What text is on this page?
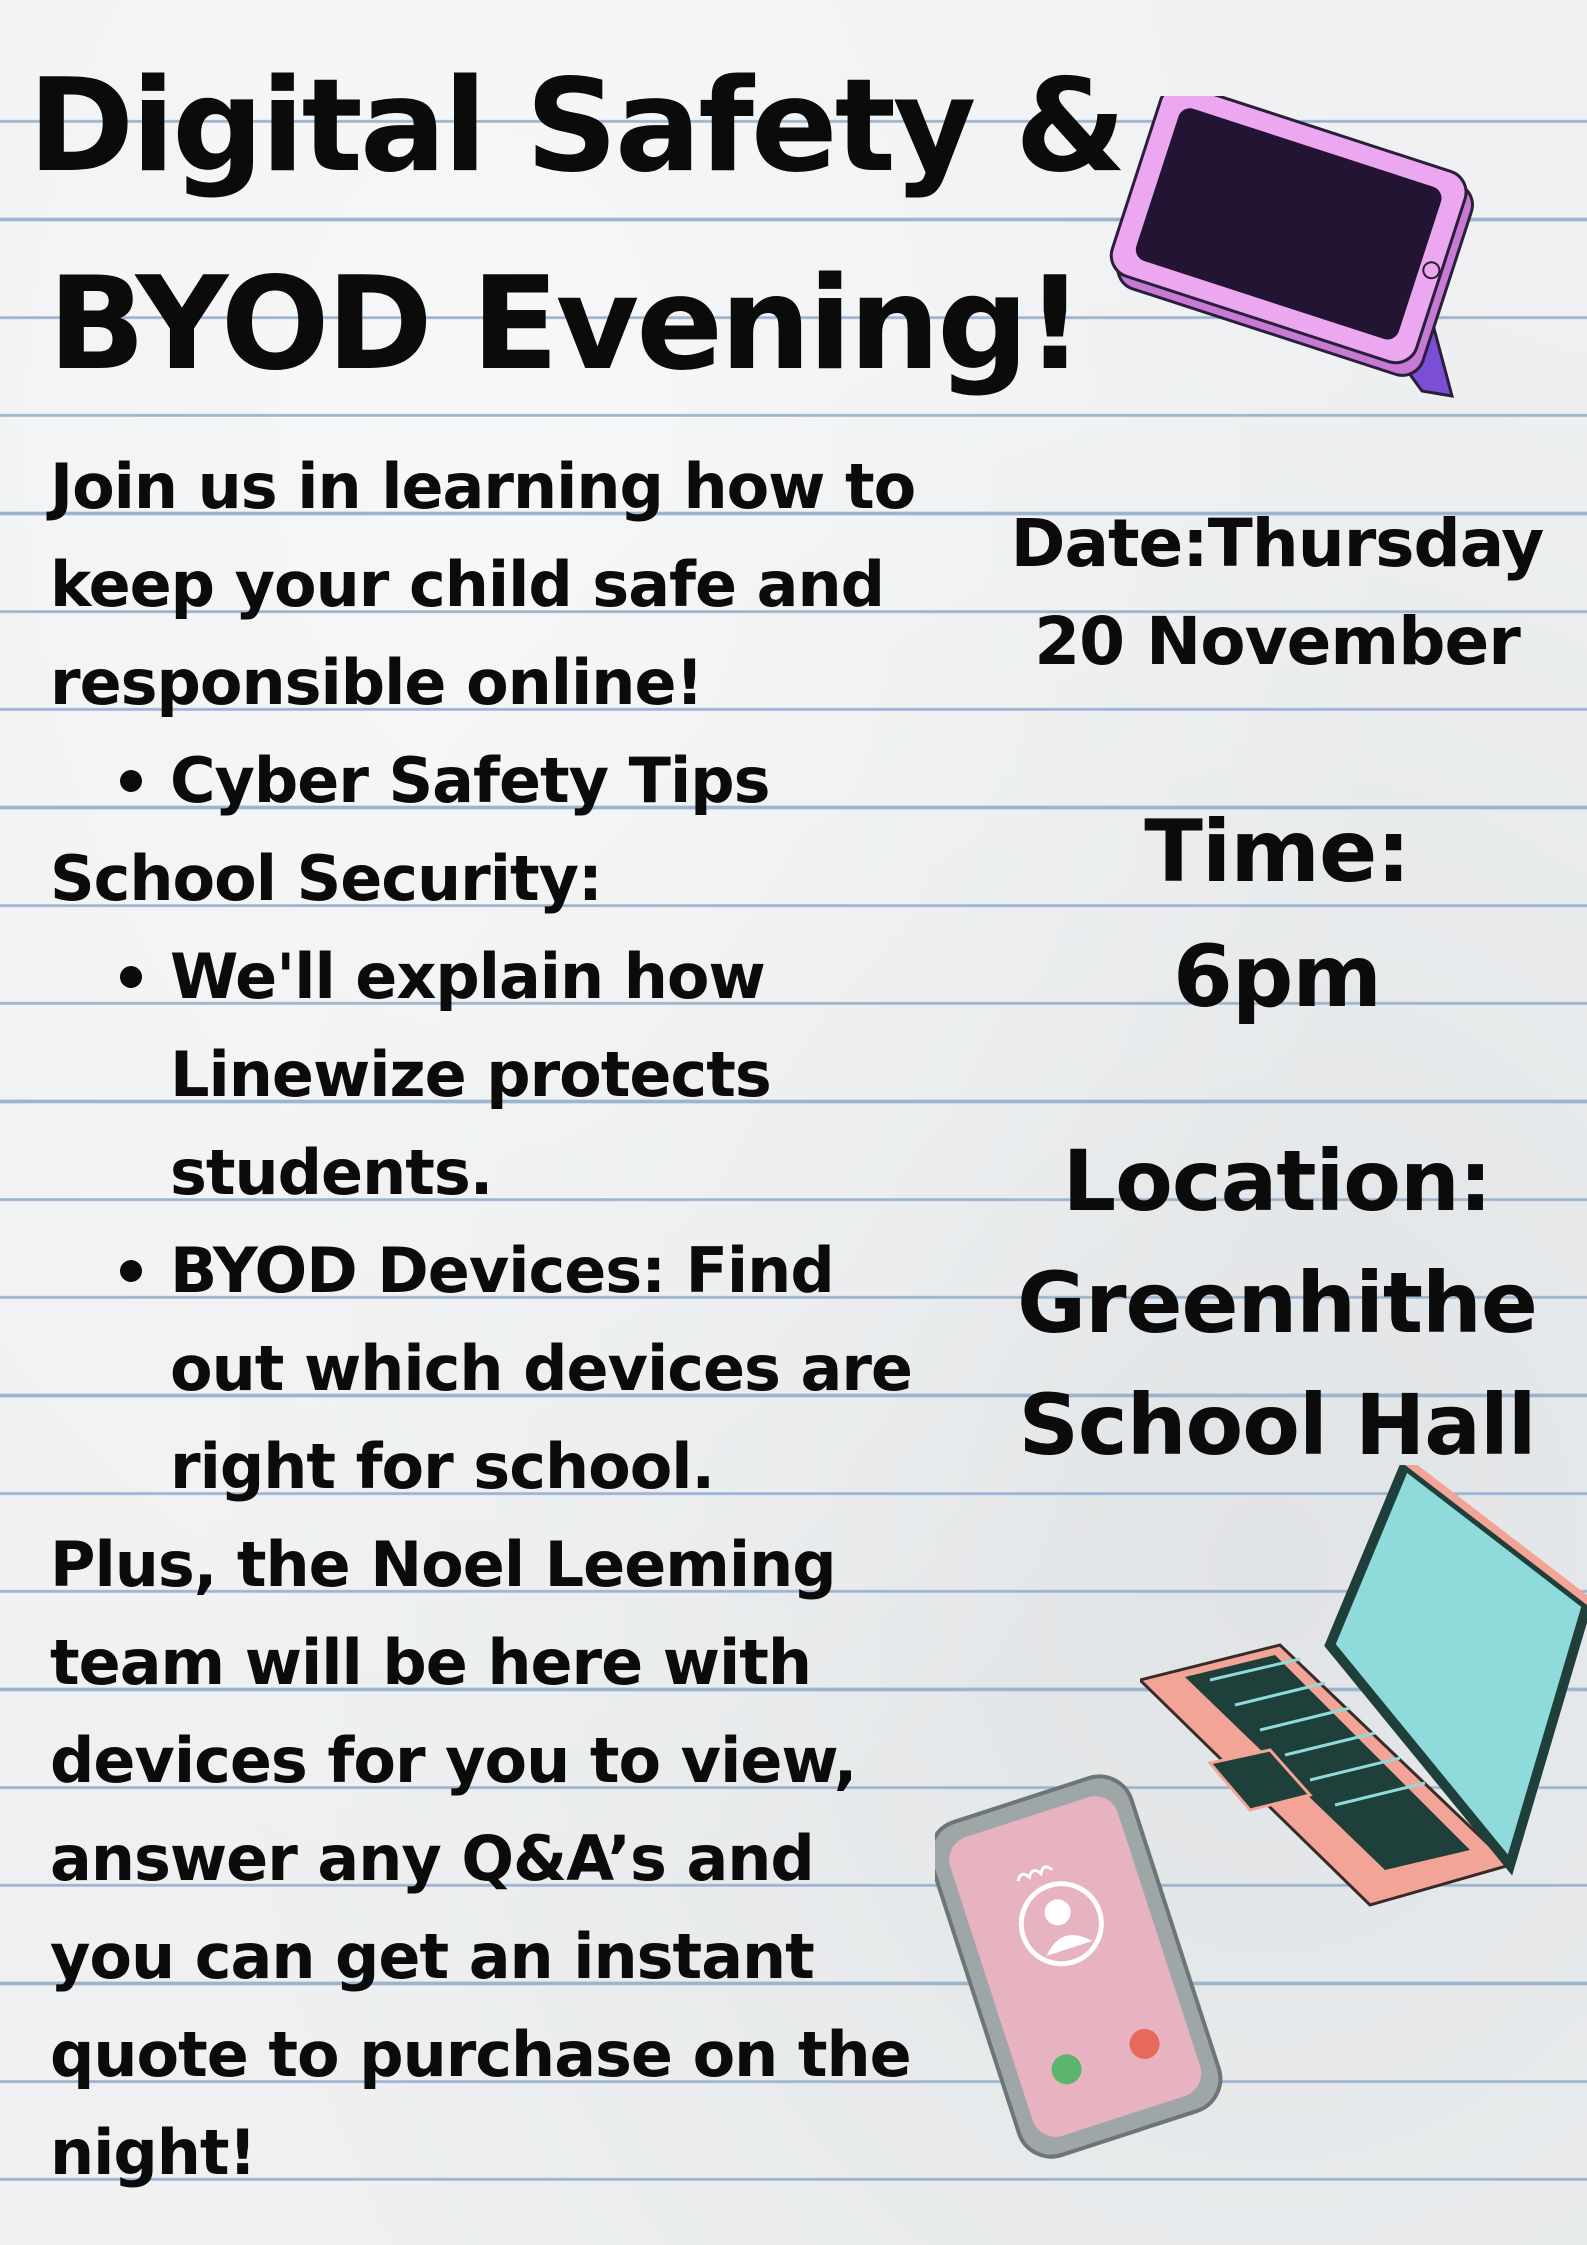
Digital Safety &
BYOD Evening!

Join us in learning how to keep your child safe and responsible online!

Cyber Safety Tips

School Security:

We'll explain how Linewize protects students.
BYOD Devices: Find out which devices are right for school.

Plus, the Noel Leeming team will be here with devices for you to view, answer any Q&A’s and you can get an instant quote to purchase on the night!

Date:Thursday
20 November
Time:
6pm
Location:
Greenhithe
School Hall
